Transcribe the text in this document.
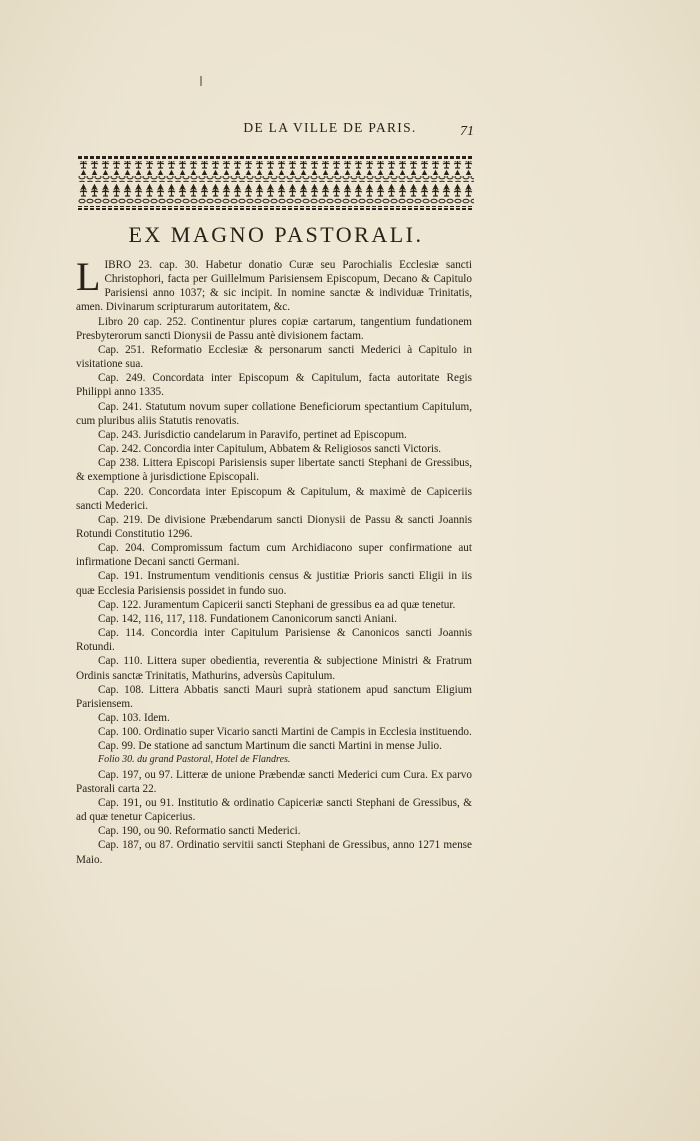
DE LA VILLE DE PARIS.	71
EX MAGNO PASTORALI.

LIBRO 23. cap. 30. Habetur donatio Curæ seu Parochialis Ecclesiæ sancti Christophori, facta per Guillelmum Parisiensem Episcopum, Decano & Capitulo Parisiensi anno 1037; & sic incipit. In nomine sanctæ & individuæ Trinitatis, amen. Divinarum scripturarum autoritatem, &c.

Libro 20 cap. 252. Continentur plures copiæ cartarum, tangentium fundationem Presbyterorum sancti Dionysii de Passu antè divisionem factam.

Cap. 251. Reformatio Ecclesiæ & personarum sancti Mederici à Capitulo in visitatione sua.

Cap. 249. Concordata inter Episcopum & Capitulum, facta autoritate Regis Philippi anno 1335.

Cap. 241. Statutum novum super collatione Beneficiorum spectantium Capitulum, cum pluribus aliis Statutis renovatis.

Cap. 243. Jurisdictio candelarum in Paravifo, pertinet ad Episcopum.

Cap. 242. Concordia inter Capitulum, Abbatem & Religiosos sancti Victoris.

Cap 238. Littera Episcopi Parisiensis super libertate sancti Stephani de Gressibus, & exemptione à jurisdictione Episcopali.

Cap. 220. Concordata inter Episcopum & Capitulum, & maximè de Capiceriis sancti Mederici.

Cap. 219. De divisione Præbendarum sancti Dionysii de Passu & sancti Joannis Rotundi Constitutio 1296.

Cap. 204. Compromissum factum cum Archidiacono super confirmatione aut infirmatione Decani sancti Germani.

Cap. 191. Instrumentum venditionis census & justitiæ Prioris sancti Eligii in iis quæ Ecclesia Parisiensis possidet in fundo suo.

Cap. 122. Juramentum Capicerii sancti Stephani de gressibus ea ad quæ tenetur.

Cap. 142, 116, 117, 118. Fundationem Canonicorum sancti Aniani.

Cap. 114. Concordia inter Capitulum Parisiense & Canonicos sancti Joannis Rotundi.

Cap. 110. Littera super obedientia, reverentia & subjectione Ministri & Fratrum Ordinis sanctæ Trinitatis, Mathurins, adversùs Capitulum.

Cap. 108. Littera Abbatis sancti Mauri suprà stationem apud sanctum Eligium Parisiensem.

Cap. 103. Idem.

Cap. 100. Ordinatio super Vicario sancti Martini de Campis in Ecclesia instituendo.

Cap. 99. De statione ad sanctum Martinum die sancti Martini in mense Julio.

Folio 30. du grand Pastoral, Hotel de Flandres.

Cap. 197, ou 97. Litteræ de unione Præbendæ sancti Mederici cum Cura. Ex parvo Pastorali carta 22.

Cap. 191, ou 91. Institutio & ordinatio Capiceriæ sancti Stephani de Gressibus, & ad quæ tenetur Capicerius.

Cap. 190, ou 90. Reformatio sancti Mederici.

Cap. 187, ou 87. Ordinatio servitii sancti Stephani de Gressibus, anno 1271 mense Maio.
